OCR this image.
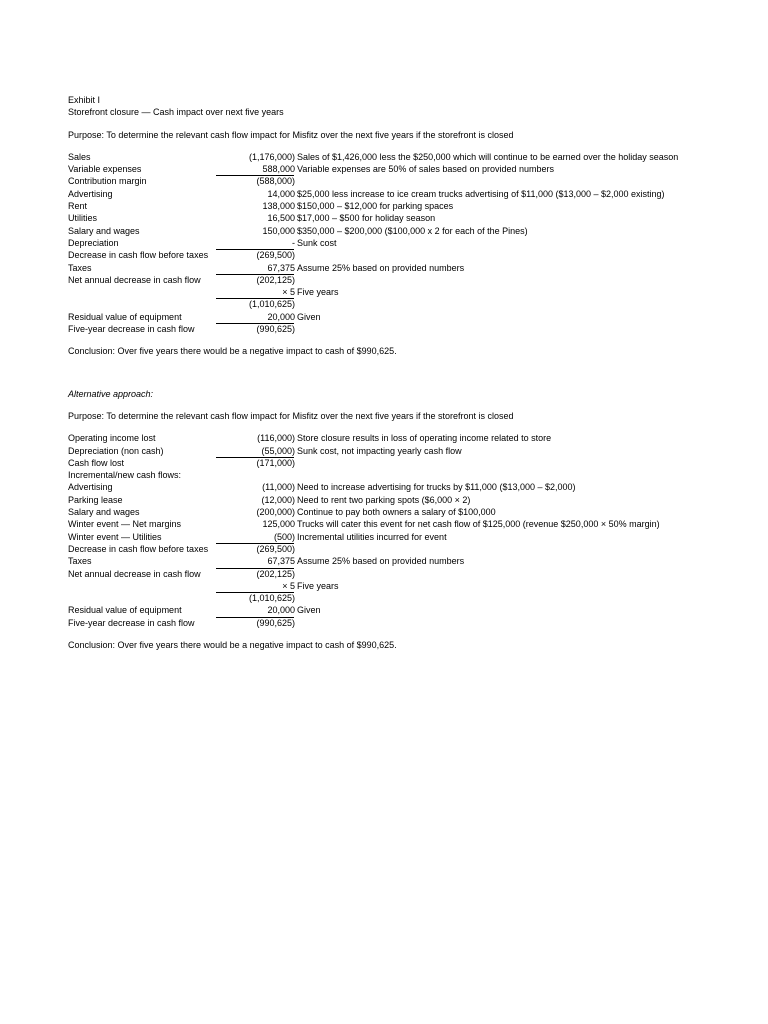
Exhibit I
Storefront closure — Cash impact over next five years
Purpose: To determine the relevant cash flow impact for Misfitz over the next five years if the storefront is closed
Sales	(1,176,000) Sales of $1,426,000 less the $250,000 which will continue to be earned over the holiday season
Variable expenses	588,000 Variable expenses are 50% of sales based on provided numbers
Contribution margin	(588,000)
Advertising	14,000 $25,000 less increase to ice cream trucks advertising of $11,000 ($13,000 – $2,000 existing)
Rent	138,000 $150,000 – $12,000 for parking spaces
Utilities	16,500 $17,000 – $500 for holiday season
Salary and wages	150,000 $350,000 – $200,000 ($100,000 x 2 for each of the Pines)
Depreciation	- Sunk cost
Decrease in cash flow before taxes	(269,500)
Taxes	67,375 Assume 25% based on provided numbers
Net annual decrease in cash flow	(202,125)
× 5 Five years
(1,010,625)
Residual value of equipment	20,000 Given
Five-year decrease in cash flow	(990,625)
Conclusion: Over five years there would be a negative impact to cash of $990,625.
Alternative approach:
Purpose: To determine the relevant cash flow impact for Misfitz over the next five years if the storefront is closed
Operating income lost	(116,000) Store closure results in loss of operating income related to store
Depreciation (non cash)	(55,000) Sunk cost, not impacting yearly cash flow
Cash flow lost	(171,000)
Incremental/new cash flows:
Advertising	(11,000) Need to increase advertising for trucks by $11,000 ($13,000 – $2,000)
Parking lease	(12,000) Need to rent two parking spots ($6,000 × 2)
Salary and wages	(200,000) Continue to pay both owners a salary of $100,000
Winter event — Net margins	125,000 Trucks will cater this event for net cash flow of $125,000 (revenue $250,000 × 50% margin)
Winter event — Utilities	(500) Incremental utilities incurred for event
Decrease in cash flow before taxes	(269,500)
Taxes	67,375 Assume 25% based on provided numbers
Net annual decrease in cash flow	(202,125)
× 5 Five years
(1,010,625)
Residual value of equipment	20,000 Given
Five-year decrease in cash flow	(990,625)
Conclusion: Over five years there would be a negative impact to cash of $990,625.
